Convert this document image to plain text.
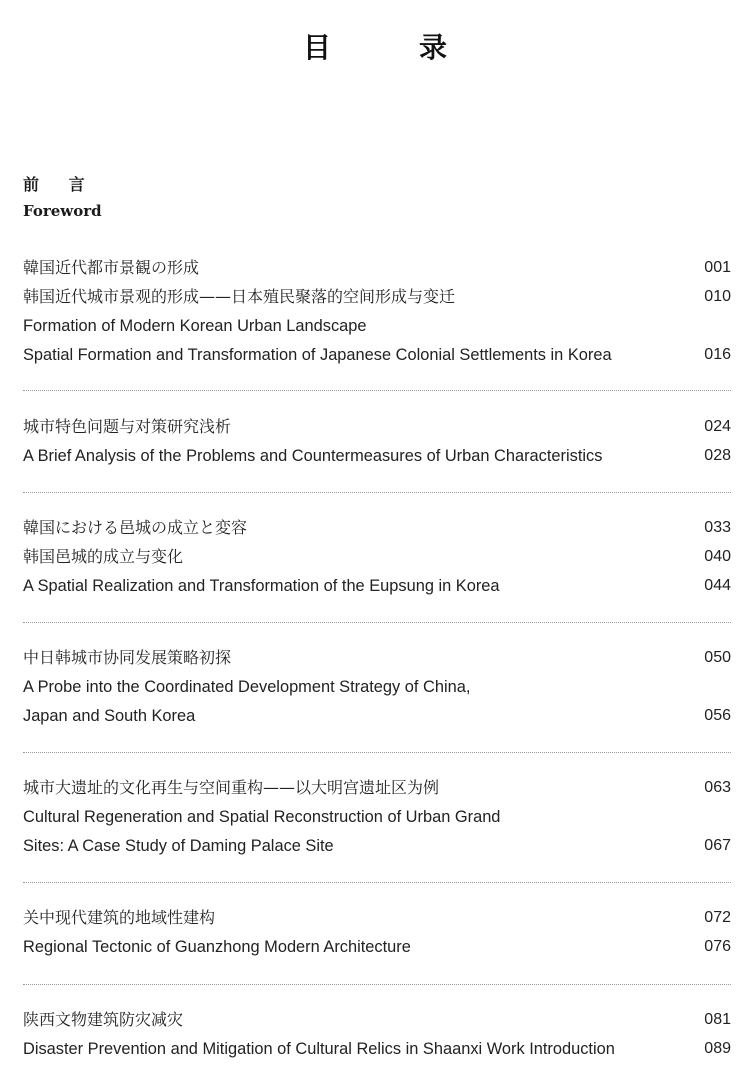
目　录
前 言
Foreword
韓国近代都市景観の形成	001
韩国近代城市景观的形成——日本殖民聚落的空间形成与变迁	010
Formation of Modern Korean Urban Landscape
Spatial Formation and Transformation of Japanese Colonial Settlements in Korea	016
城市特色问题与对策研究浅析	024
A Brief Analysis of the Problems and Countermeasures of Urban Characteristics	028
韓国における邑城の成立と変容	033
韩国邑城的成立与变化	040
A Spatial Realization and Transformation of the Eupsung in Korea	044
中日韩城市协同发展策略初探	050
A Probe into the Coordinated Development Strategy of China,
Japan and South Korea	056
城市大遗址的文化再生与空间重构——以大明宫遗址区为例	063
Cultural Regeneration and Spatial Reconstruction of Urban Grand
Sites: A Case Study of Daming Palace Site	067
关中现代建筑的地域性建构	072
Regional Tectonic of Guanzhong Modern Architecture	076
陕西文物建筑防灾减灾	081
Disaster Prevention and Mitigation of Cultural Relics in Shaanxi Work Introduction	089
